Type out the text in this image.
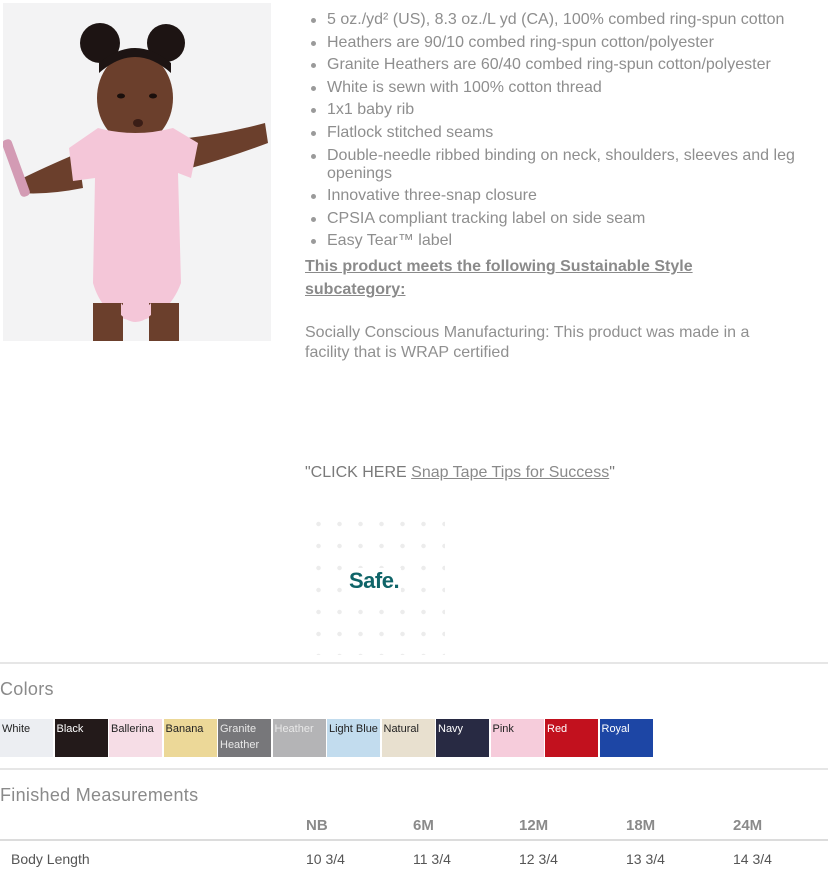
5 oz./yd² (US), 8.3 oz./L yd (CA), 100% combed ring-spun cotton
Heathers are 90/10 combed ring-spun cotton/polyester
Granite Heathers are 60/40 combed ring-spun cotton/polyester
White is sewn with 100% cotton thread
1x1 baby rib
Flatlock stitched seams
Double-needle ribbed binding on neck, shoulders, sleeves and leg openings
Innovative three-snap closure
CPSIA compliant tracking label on side seam
Easy Tear™ label
This product meets the following Sustainable Style subcategory:
Socially Conscious Manufacturing: This product was made in a facility that is WRAP certified
"CLICK HERE Snap Tape Tips for Success"
Safe.
Colors
White	Black	Ballerina	Banana	Granite Heather
Heather	Light Blue Natural	Navy	Pink	Red	Royal
Finished Measurements
	NB	6M	12M	18M	24M
Body Length	10 3/4	11 3/4	12 3/4	13 3/4	14 3/4
